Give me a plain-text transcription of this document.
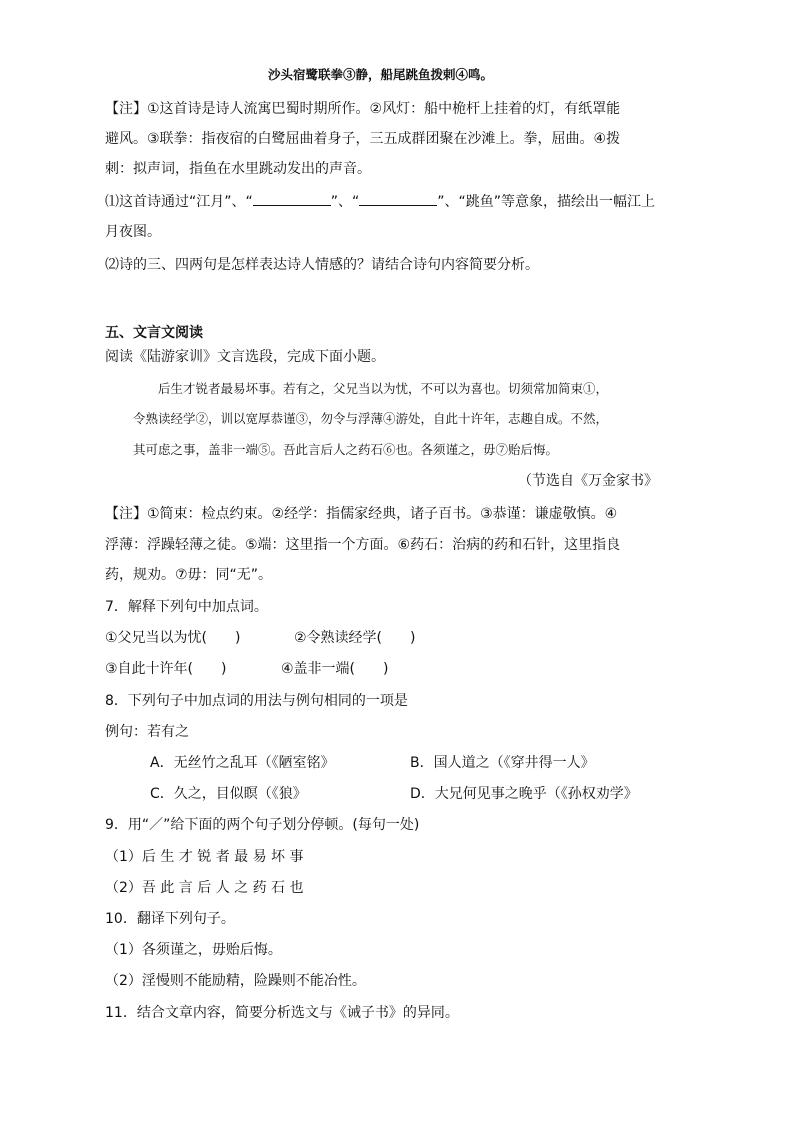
沙头宿鹭联拳③静，船尾跳鱼拨剌④鸣。
【注】①这首诗是诗人流寓巴蜀时期所作。②风灯：船中桅杆上挂着的灯，有纸罩能
避风。③联拳：指夜宿的白鹭屈曲着身子，三五成群团聚在沙滩上。拳，屈曲。④拨
刺：拟声词，指鱼在水里跳动发出的声音。
⑴这首诗通过“江月”、“	”、“	”、“跳鱼”等意象，描绘出一幅江上
月夜图。
⑵诗的三、四两句是怎样表达诗人情感的？请结合诗句内容简要分析。
五、文言文阅读
阅读《陆游家训》文言选段，完成下面小题。
后生才锐者最易坏事。若有之，父兄当以为忧，不可以为喜也。切须常加简束①，
令熟读经学②，训以宽厚恭谨③，勿令与浮薄④游处，自此十许年，志趣自成。不然，
其可虑之事，盖非一端⑤。吾此言后人之药石⑥也。各须谨之，毋⑦贻后悔。
（节选自《万金家书》
【注】①简束：检点约束。②经学：指儒家经典，诸子百书。③恭谨：谦虚敬慎。④
浮薄：浮躁轻薄之徒。⑤端：这里指一个方面。⑥药石：治病的药和石针，这里指良
药，规劝。⑦毋：同“无”。
7．解释下列句中加点词。
①父兄当以为忧(　　)	②令熟读经学(　　)
③自此十许年(　　)	④盖非一端(　　)
8．下列句子中加点词的用法与例句相同的一项是
例句：若有之
A．无丝竹之乱耳（《陋室铭》	B．国人道之（《穿井得一人》
C．久之，目似瞑（《狼》	D．大兄何见事之晚乎（《孙权劝学》
9．用“／”给下面的两个句子划分停顿。(每句一处)
（1）后 生 才 锐 者 最 易 坏 事
（2）吾 此 言 后 人 之 药 石 也
10．翻译下列句子。
（1）各须谨之，毋贻后悔。
（2）淫慢则不能励精，险躁则不能冶性。
11．结合文章内容，简要分析选文与《诫子书》的异同。
